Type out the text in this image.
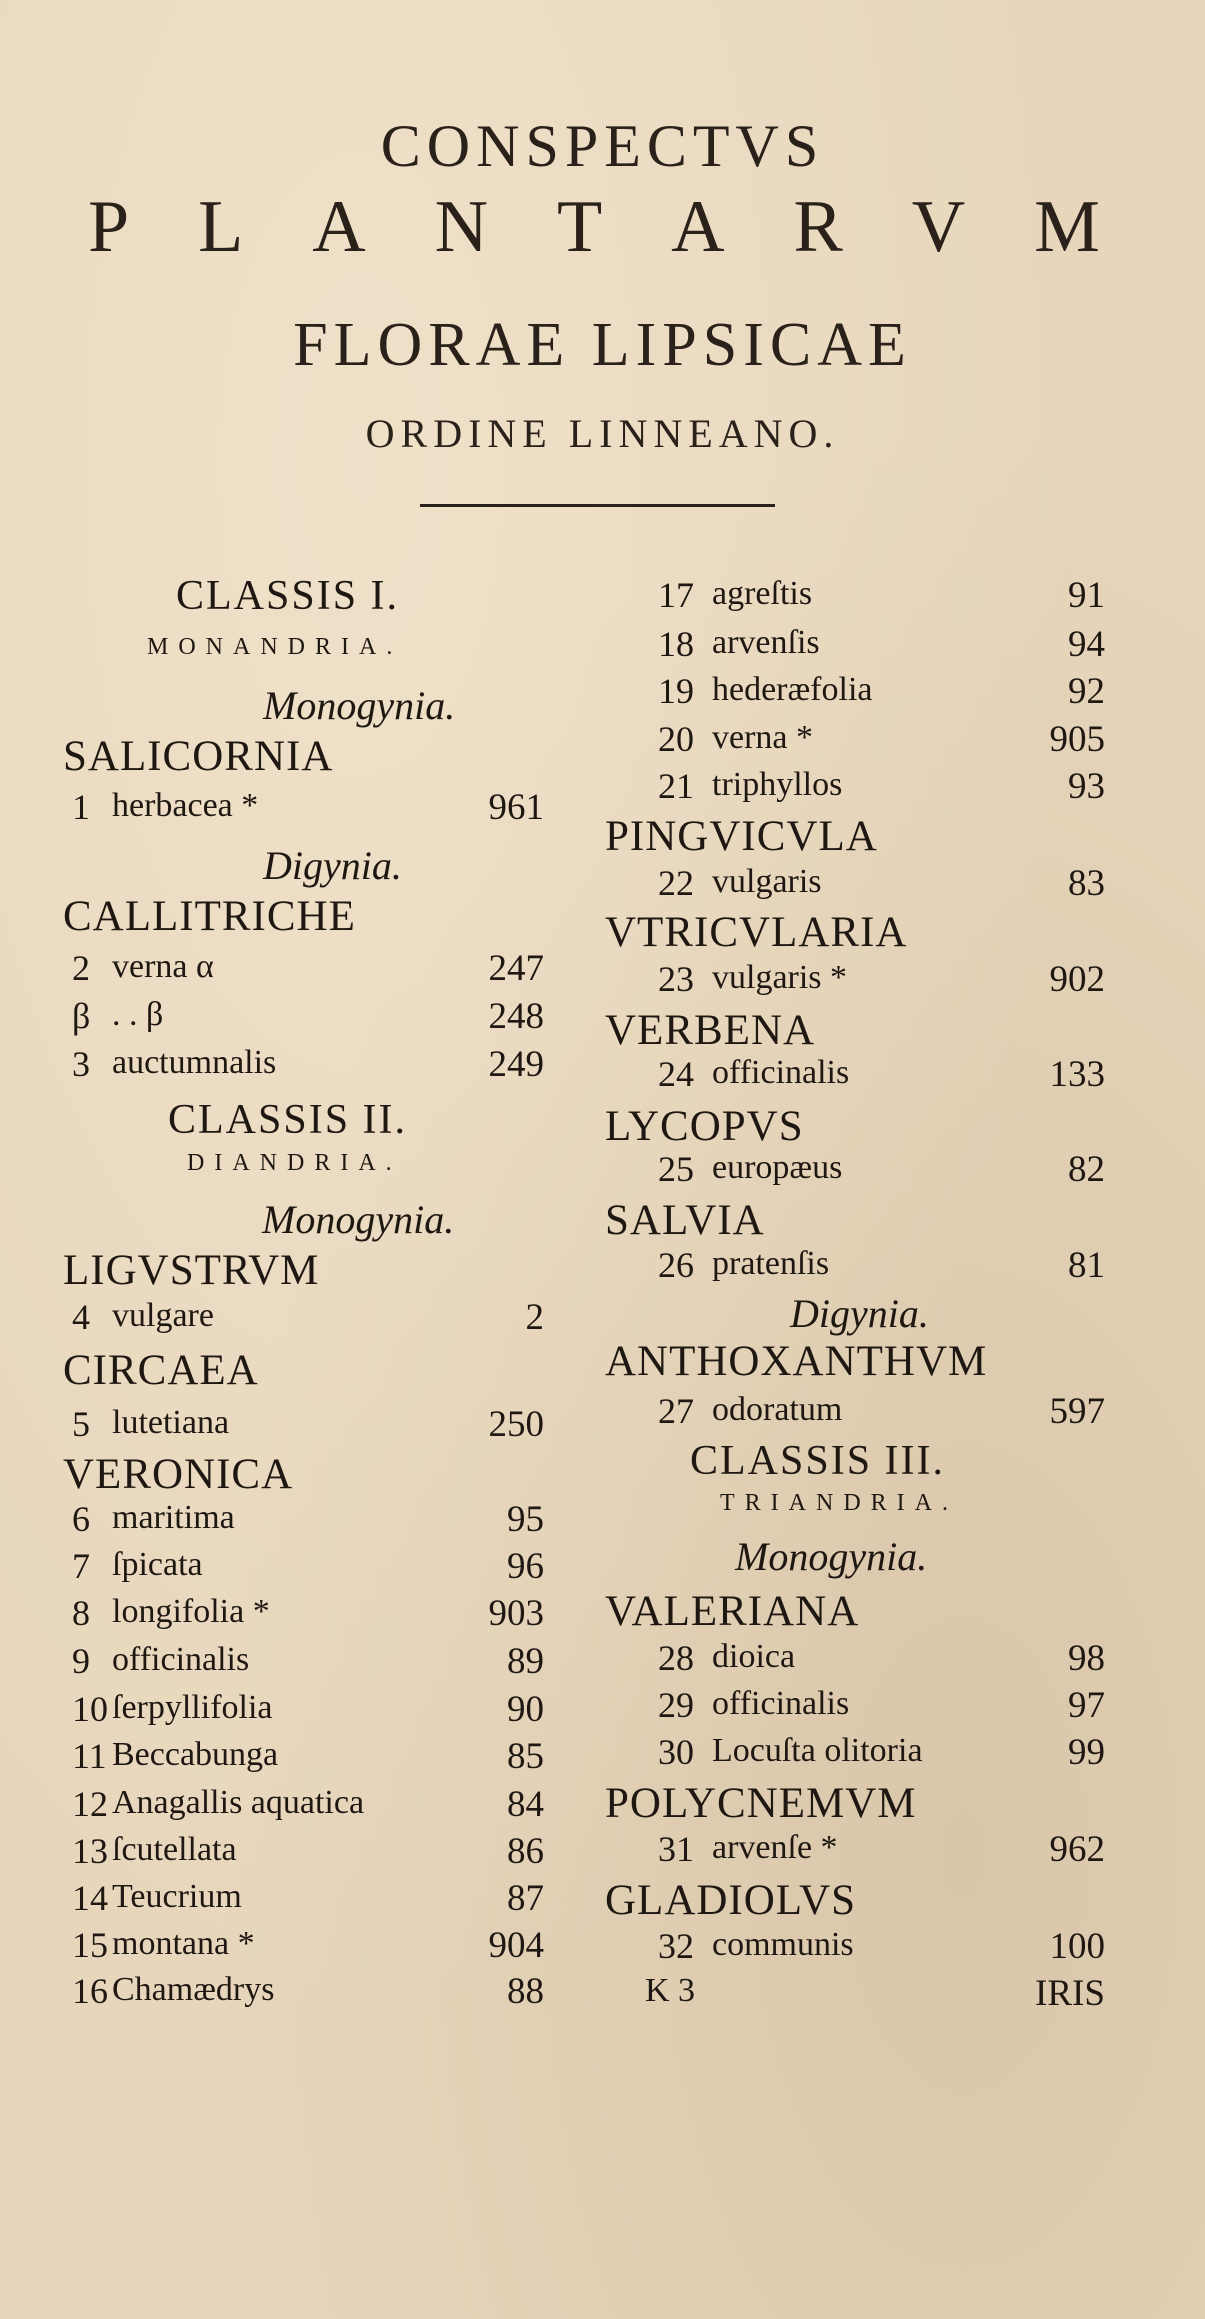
CONSPECTVS
P L A N T A R V M
FLORAE LIPSICAE
ORDINE LINNEANO.
CLASSIS I.
MONANDRIA.
Monogynia.
SALICORNIA
1 herbacea *	961
Digynia.
CALLITRICHE
2 verna α	247
β . . β	248
3 auctumnalis	249
CLASSIS II.
DIANDRIA.
Monogynia.
LIGVSTRVM
4 vulgare	2
CIRCAEA
5 lutetiana	250
VERONICA
6 maritima	95
7 ſpicata	96
8 longifolia *	903
9 officinalis	89
10 ſerpyllifolia	90
11 Beccabunga	85
12 Anagallis aquatica	84
13 ſcutellata	86
14 Teucrium	87
15 montana *	904
16 Chamædrys	88
17 agreſtis	91
18 arvenſis	94
19 hederæfolia	92
20 verna *	905
21 triphyllos	93
PINGVICVLA
22 vulgaris	83
VTRICVLARIA
23 vulgaris *	902
VERBENA
24 officinalis	133
LYCOPVS
25 europæus	82
SALVIA
26 pratenſis	81
Digynia.
ANTHOXANTHVM
27 odoratum	597
CLASSIS III.
TRIANDRIA.
Monogynia.
VALERIANA
28 dioica	98
29 officinalis	97
30 Locuſta olitoria	99
POLYCNEMVM
31 arvenſe *	962
GLADIOLVS
32 communis	100
K 3	IRIS
